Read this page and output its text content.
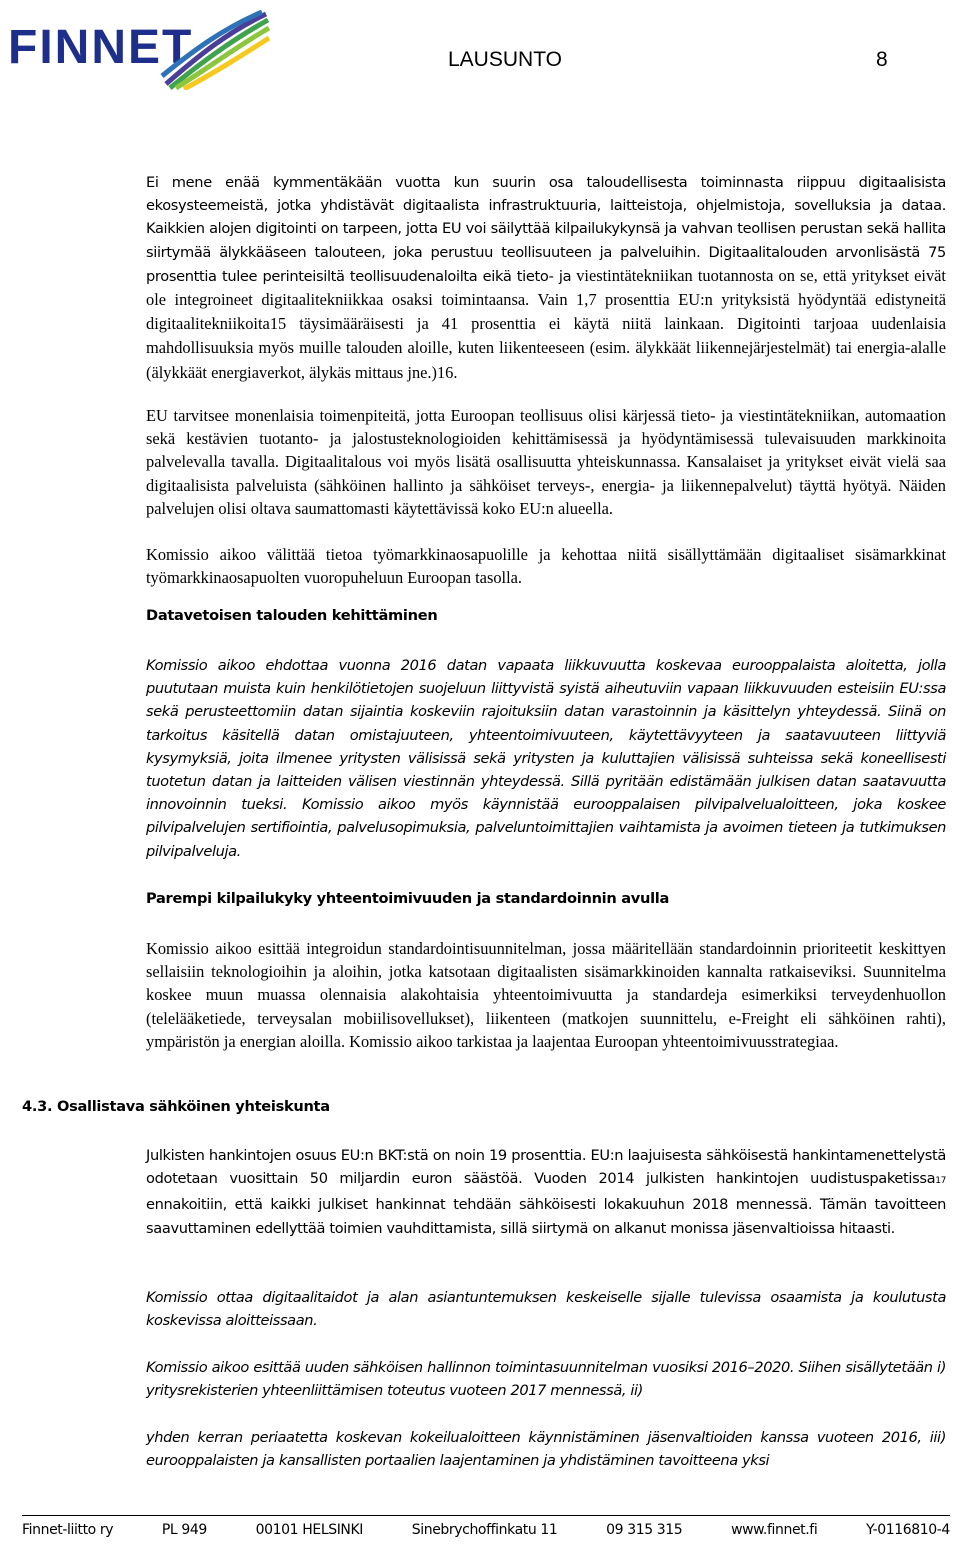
FINNET	LAUSUNTO	8

Ei mene enää kymmentäkään vuotta kun suurin osa taloudellisesta toiminnasta riippuu digitaalisista ekosysteemeistä, jotka yhdistävät digitaalista infrastruktuuria, laitteistoja, ohjelmistoja, sovelluksia ja dataa. Kaikkien alojen digitointi on tarpeen, jotta EU voi säilyttää kilpailukykynsä ja vahvan teollisen perustan sekä hallita siirtymää älykkääseen talouteen, joka perustuu teollisuuteen ja palveluihin. Digitaalitalouden arvonlisästä 75 prosenttia tulee perinteisiltä teollisuudenaloilta eikä tieto- ja viestintätekniikan tuotannosta on se, että yritykset eivät ole integroineet digitaalitekniikkaa osaksi toimintaansa. Vain 1,7 prosenttia EU:n yrityksistä hyödyntää edistyneitä digitaalitekniikoita15 täysimääräisesti ja 41 prosenttia ei käytä niitä lainkaan. Digitointi tarjoaa uudenlaisia mahdollisuuksia myös muille talouden aloille, kuten liikenteeseen (esim. älykkäät liikennejärjestelmät) tai energia-alalle (älykkäät energiaverkot, älykäs mittaus jne.)16.

EU tarvitsee monenlaisia toimenpiteitä, jotta Euroopan teollisuus olisi kärjessä tieto- ja viestintätekniikan, automaation sekä kestävien tuotanto- ja jalostusteknologioiden kehittämisessä ja hyödyntämisessä tulevaisuuden markkinoita palvelevalla tavalla. Digitaalitalous voi myös lisätä osallisuutta yhteiskunnassa. Kansalaiset ja yritykset eivät vielä saa digitaalisista palveluista (sähköinen hallinto ja sähköiset terveys-, energia- ja liikennepalvelut) täyttä hyötyä. Näiden palvelujen olisi oltava saumattomasti käytettävissä koko EU:n alueella.

Komissio aikoo välittää tietoa työmarkkinaosapuolille ja kehottaa niitä sisällyttämään digitaaliset sisämarkkinat työmarkkinaosapuolten vuoropuheluun Euroopan tasolla.

Datavetoisen talouden kehittäminen

Komissio aikoo ehdottaa vuonna 2016 datan vapaata liikkuvuutta koskevaa eurooppalaista aloitetta, jolla puututaan muista kuin henkilötietojen suojeluun liittyvistä syistä aiheutuviin vapaan liikkuvuuden esteisiin EU:ssa sekä perusteettomiin datan sijaintia koskeviin rajoituksiin datan varastoinnin ja käsittelyn yhteydessä. Siinä on tarkoitus käsitellä datan omistajuuteen, yhteentoimivuuteen, käytettävyyteen ja saatavuuteen liittyviä kysymyksiä, joita ilmenee yritysten välisissä sekä yritysten ja kuluttajien välisissä suhteissa sekä koneellisesti tuotetun datan ja laitteiden välisen viestinnän yhteydessä. Sillä pyritään edistämään julkisen datan saatavuutta innovoinnin tueksi. Komissio aikoo myös käynnistää eurooppalaisen pilvipalvelualoitteen, joka koskee pilvipalvelujen sertifiointia, palvelusopimuksia, palveluntoimittajien vaihtamista ja avoimen tieteen ja tutkimuksen pilvipalveluja.

Parempi kilpailukyky yhteentoimivuuden ja standardoinnin avulla

Komissio aikoo esittää integroidun standardointisuunnitelman, jossa määritellään standardoinnin prioriteetit keskittyen sellaisiin teknologioihin ja aloihin, jotka katsotaan digitaalisten sisämarkkinoiden kannalta ratkaiseviksi. Suunnitelma koskee muun muassa olennaisia alakohtaisia yhteentoimivuutta ja standardeja esimerkiksi terveydenhuollon (telelääketiede, terveysalan mobiilisovellukset), liikenteen (matkojen suunnittelu, e-Freight eli sähköinen rahti), ympäristön ja energian aloilla. Komissio aikoo tarkistaa ja laajentaa Euroopan yhteentoimivuusstrategiaa.

4.3. Osallistava sähköinen yhteiskunta

Julkisten hankintojen osuus EU:n BKT:stä on noin 19 prosenttia. EU:n laajuisesta sähköisestä hankintamenettelystä odotetaan vuosittain 50 miljardin euron säästöä. Vuoden 2014 julkisten hankintojen uudistuspaketissa17 ennakoitiin, että kaikki julkiset hankinnat tehdään sähköisesti lokakuuhun 2018 mennessä. Tämän tavoitteen saavuttaminen edellyttää toimien vauhdittamista, sillä siirtymä on alkanut monissa jäsenvaltioissa hitaasti.

Komissio ottaa digitaalitaidot ja alan asiantuntemuksen keskeiselle sijalle tulevissa osaamista ja koulutusta koskevissa aloitteissaan.

Komissio aikoo esittää uuden sähköisen hallinnon toimintasuunnitelman vuosiksi 2016–2020. Siihen sisällytetään i) yritysrekisterien yhteenliittämisen toteutus vuoteen 2017 mennessä, ii)

yhden kerran periaatetta koskevan kokeilualoitteen käynnistäminen jäsenvaltioiden kanssa vuoteen 2016, iii) eurooppalaisten ja kansallisten portaalien laajentaminen ja yhdistäminen tavoitteena yksi

Finnet-liitto ry	PL 949	00101 HELSINKI	Sinebrychoffinkatu 11	09 315 315	www.finnet.fi	Y-0116810-4
